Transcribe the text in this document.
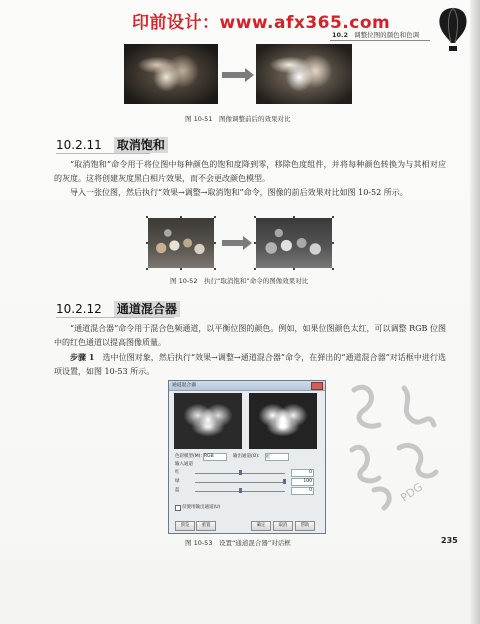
印前设计：www.afx365.com
10.2 调整位图的颜色和色调
图 10-51　图像调整前后的效果对比
10.2.11 取消饱和
“取消饱和”命令用于将位图中每种颜色的饱和度降到零，移除色度组件，并将每种颜色转换为与其相对应的灰度。这将创建灰度黑白相片效果，而不会更改颜色模型。
导入一张位图，然后执行“效果→调整→取消饱和”命令，图像的前后效果对比如图 10-52 所示。
图 10-52　执行“取消饱和”命令的图像效果对比
10.2.12 通道混合器
“通道混合器”命令用于混合色频通道，以平衡位图的颜色。例如，如果位图颜色太红，可以调整 RGB 位图中的红色通道以提高图像质量。
步骤 1　 选中位图对象，然后执行“效果→调整→通道混合器”命令，在弹出的“通道混合器”对话框中进行选项设置，如图 10-53 所示。
通道混合器
色彩模型(M): RGB	输出通道(O): 红
输入通道
红	0
绿	100
蓝	0
仅使用输出通道(U)
预览	重置	确定	取消	帮助
图 10-53　设置“通道混合器”对话框
PDG
235
